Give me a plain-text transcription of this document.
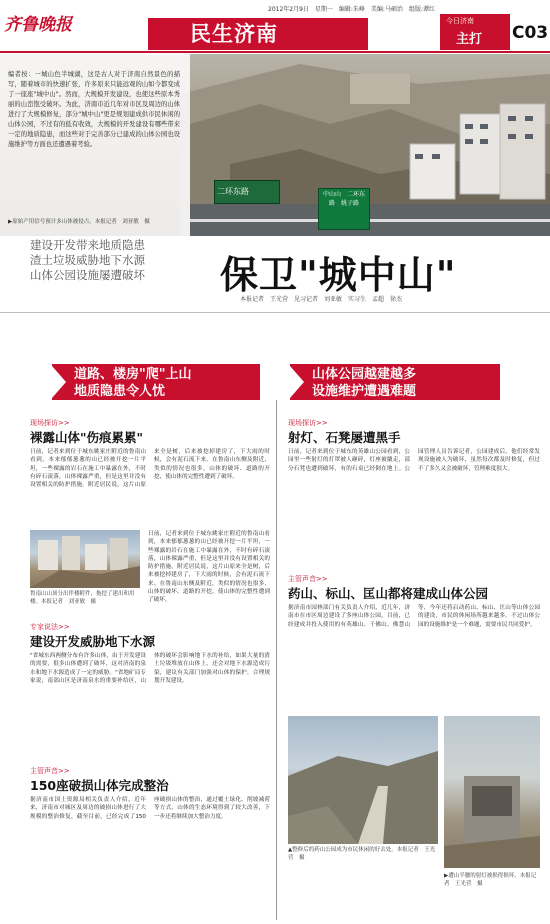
齐鲁晚报	民生济南
2012年2月9日　星期一　编辑:朱峰　美编:马硕治　组版:谭红
今日济南
主打 C03
编者按：一城山色半城湖，这是古人对于济南自然景色的描写，随着城市的快速扩张，许多原来只能远观的山如今都变成了一座座"城中山"。然而，大规模开发建设，也使这些原本秀丽的山峦饱受破坏。为此，济南市近几年对市区及周边的山体进行了大规模修复，部分"城中山"更是规划建成供市民休闲的山体公园，不过有的低有收效，大规模的开发建设有哪些带来一定的地质隐患，而这些对于完善部分已建成的山体公园也设施维护等方面也还遭遇着考验。
▶原始产用信号预计多山体被侵占。本报记者　刘亚敏　摄
二环东路	中山山　二环东路　姚子路
建设开发带来地质隐患
渣土垃圾威胁地下水源
山体公园设施屡遭破坏	保卫"城中山"
本报记者　王光营　见习记者　刘亚敏　实习生　孟超　徐杰
道路、楼房"爬"上山
地质隐患令人忧
山体公园越建越多
设施维护遭遇难题
现场探访>>
裸露山体"伤痕累累"
日前，记者来到位于城东姚家庄附近的鲁南山看到，本来郁郁葱葱的山已经被开挖一片平坦，一些裸露的岩石在施工中暴露在外，不时有碎石滚落，山体裸露严重，但是这里并没有设置相关的防护措施。附近居民说，这片山原来全是树，后来被挖掉建房了，下大雨的时候，会有泥石流下来。在鲁南山东侧及附近，类似的情况也很多，山体的破坏、道路的开挖，使山体的完整性遭到了破坏。
鲁南山山顶分出伴楼附件，拖挖了建出和用楼。本报记者　刘亚敏　摄
日前，记者来到位于城东姚家庄附近的鲁南山看到，本来郁郁葱葱的山已经被开挖一片平坦，一些裸露的岩石在施工中暴露在外，不时有碎石滚落，山体裸露严重，但是这里并没有设置相关的防护措施。附近居民说，这片山原来全是树，后来被挖掉建房了，下大雨的时候，会有泥石流下来。在鲁南山东侧及附近，类似的情况也很多，山体的破坏、道路的开挖，使山体的完整性遭到了破坏。
专家说法>>
建设开发威胁地下水源
"省城东西两侧分布有许多山体，由于开发建设的需要，很多山体遭到了破坏，这对济南的泉水和地下水源造成了一定的威胁。"省地矿局专家说，南部山区是济南泉水的重要补给区，山体的破坏会影响地下水的补给，如果大量的渣土垃圾堆放在山体上，还会对地下水源造成污染，建议有关部门加强对山体的保护，合理规划开发建设。
主管声音>>
150座破损山体完成整治
据济南市国土资源局相关负责人介绍，近年来，济南市对城区及周边的破损山体进行了大规模的整治修复，截至目前，已经完成了150座破损山体的整治，通过覆土绿化、削坡减荷等方式，山体的生态环境得到了较大改善，下一步还将继续加大整治力度。
现场探访>>
射灯、石凳屡遭黑手
日前，记者来到位于城东的英雄山公园看到，公园里一些射灯的灯罩被人砸碎，灯座被撬走，部分石凳也遭到破坏，有的石桌已经倒在地上。公园管理人员告诉记者，公园建成后，他们经常发现设施被人为破坏，虽然每次都及时修复，但过不了多久又会被破坏，管理难度很大。
主管声音>>
药山、标山、匡山都将建成山体公园
据济南市园林部门有关负责人介绍，近几年，济南市在市区周边建设了多座山体公园，目前，已经建成并投入使用的有英雄山、千佛山、佛慧山等，今年还将启动药山、标山、匡山等山体公园的建设，市民的休闲场所越来越多。不过山体公园的设施维护是一个难题，需要市民共同爱护。
▲整修后的药山公园成为市民休闲的好去处。本报记者　王光营　摄
▶遭山半腰的射灯被损得损坏。本报记者　王光营　摄
